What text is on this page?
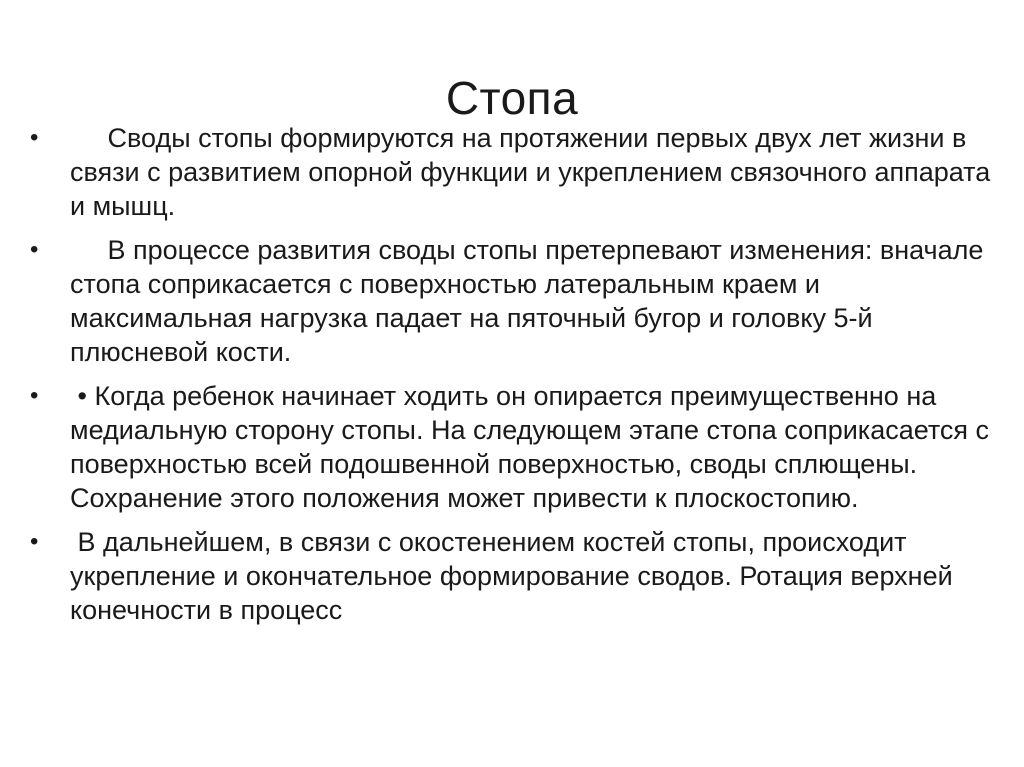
Стопа
•	Своды стопы формируются на протяжении первых двух лет жизни в связи с развитием опорной функции и укреплением связочного аппарата и мышц.
•	В процессе развития своды стопы претерпевают изменения: вначале стопа соприкасается с поверхностью латеральным краем и максимальная нагрузка падает на пяточный бугор и головку 5-й плюсневой кости.
•	• Когда ребенок начинает ходить он опирается преимущественно на медиальную сторону стопы. На следующем этапе стопа соприкасается с поверхностью всей подошвенной поверхностью, своды сплющены. Сохранение этого положения может привести к плоскостопию.
•	В дальнейшем, в связи с окостенением костей стопы, происходит укрепление и окончательное формирование сводов. Ротация верхней конечности в процесс
